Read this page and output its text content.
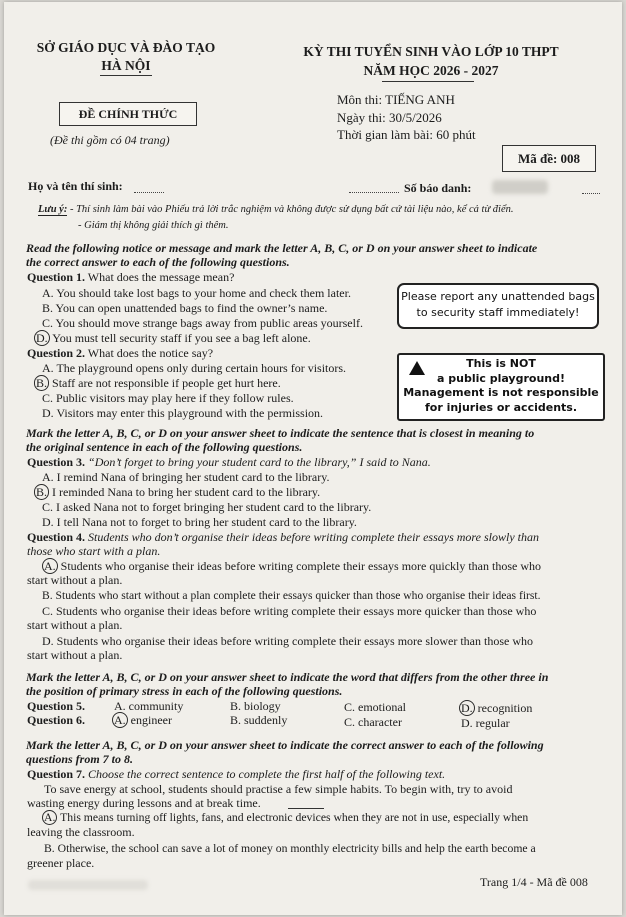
SỞ GIÁO DỤC VÀ ĐÀO TẠO
HÀ NỘI
KỲ THI TUYỂN SINH VÀO LỚP 10 THPT
NĂM HỌC 2026 - 2027
ĐỀ CHÍNH THỨC
(Đề thi gồm có 04 trang)
Môn thi: TIẾNG ANH
Ngày thi: 30/5/2026
Thời gian làm bài: 60 phút
Mã đề: 008
Họ và tên thí sinh:	Số báo danh:
Lưu ý: - Thí sinh làm bài vào Phiếu trả lời trắc nghiệm và không được sử dụng bất cứ tài liệu nào, kể cả từ điển.
- Giám thị không giải thích gì thêm.
Read the following notice or message and mark the letter A, B, C, or D on your answer sheet to indicate
the correct answer to each of the following questions.
Question 1. What does the message mean?
A. You should take lost bags to your home and check them later.
B. You can open unattended bags to find the owner’s name.
C. You should move strange bags away from public areas yourself.
D. You must tell security staff if you see a bag left alone.
Please report any unattended bags
to security staff immediately!
Question 2. What does the notice say?
A. The playground opens only during certain hours for visitors.
B. Staff are not responsible if people get hurt here.
C. Public visitors may play here if they follow rules.
D. Visitors may enter this playground with the permission.
This is NOT
a public playground!
Management is not responsible
for injuries or accidents.
Mark the letter A, B, C, or D on your answer sheet to indicate the sentence that is closest in meaning to
the original sentence in each of the following questions.
Question 3. “Don’t forget to bring your student card to the library,” I said to Nana.
A. I remind Nana of bringing her student card to the library.
B. I reminded Nana to bring her student card to the library.
C. I asked Nana not to forget bringing her student card to the library.
D. I tell Nana not to forget to bring her student card to the library.
Question 4. Students who don’t organise their ideas before writing complete their essays more slowly than
those who start with a plan.
A. Students who organise their ideas before writing complete their essays more quickly than those who
start without a plan.
B. Students who start without a plan complete their essays quicker than those who organise their ideas first.
C. Students who organise their ideas before writing complete their essays more quicker than those who
start without a plan.
D. Students who organise their ideas before writing complete their essays more slower than those who
start without a plan.
Mark the letter A, B, C, or D on your answer sheet to indicate the word that differs from the other three in
the position of primary stress in each of the following questions.
Question 5. A. community	B. biology	C. emotional	D. recognition
Question 6. A. engineer	B. suddenly	C. character	D. regular
Mark the letter A, B, C, or D on your answer sheet to indicate the correct answer to each of the following
questions from 7 to 8.
Question 7. Choose the correct sentence to complete the first half of the following text.
To save energy at school, students should practise a few simple habits. To begin with, try to avoid
wasting energy during lessons and at break time.
A. This means turning off lights, fans, and electronic devices when they are not in use, especially when
leaving the classroom.
B. Otherwise, the school can save a lot of money on monthly electricity bills and help the earth become a
greener place.
Trang 1/4 - Mã đề 008
